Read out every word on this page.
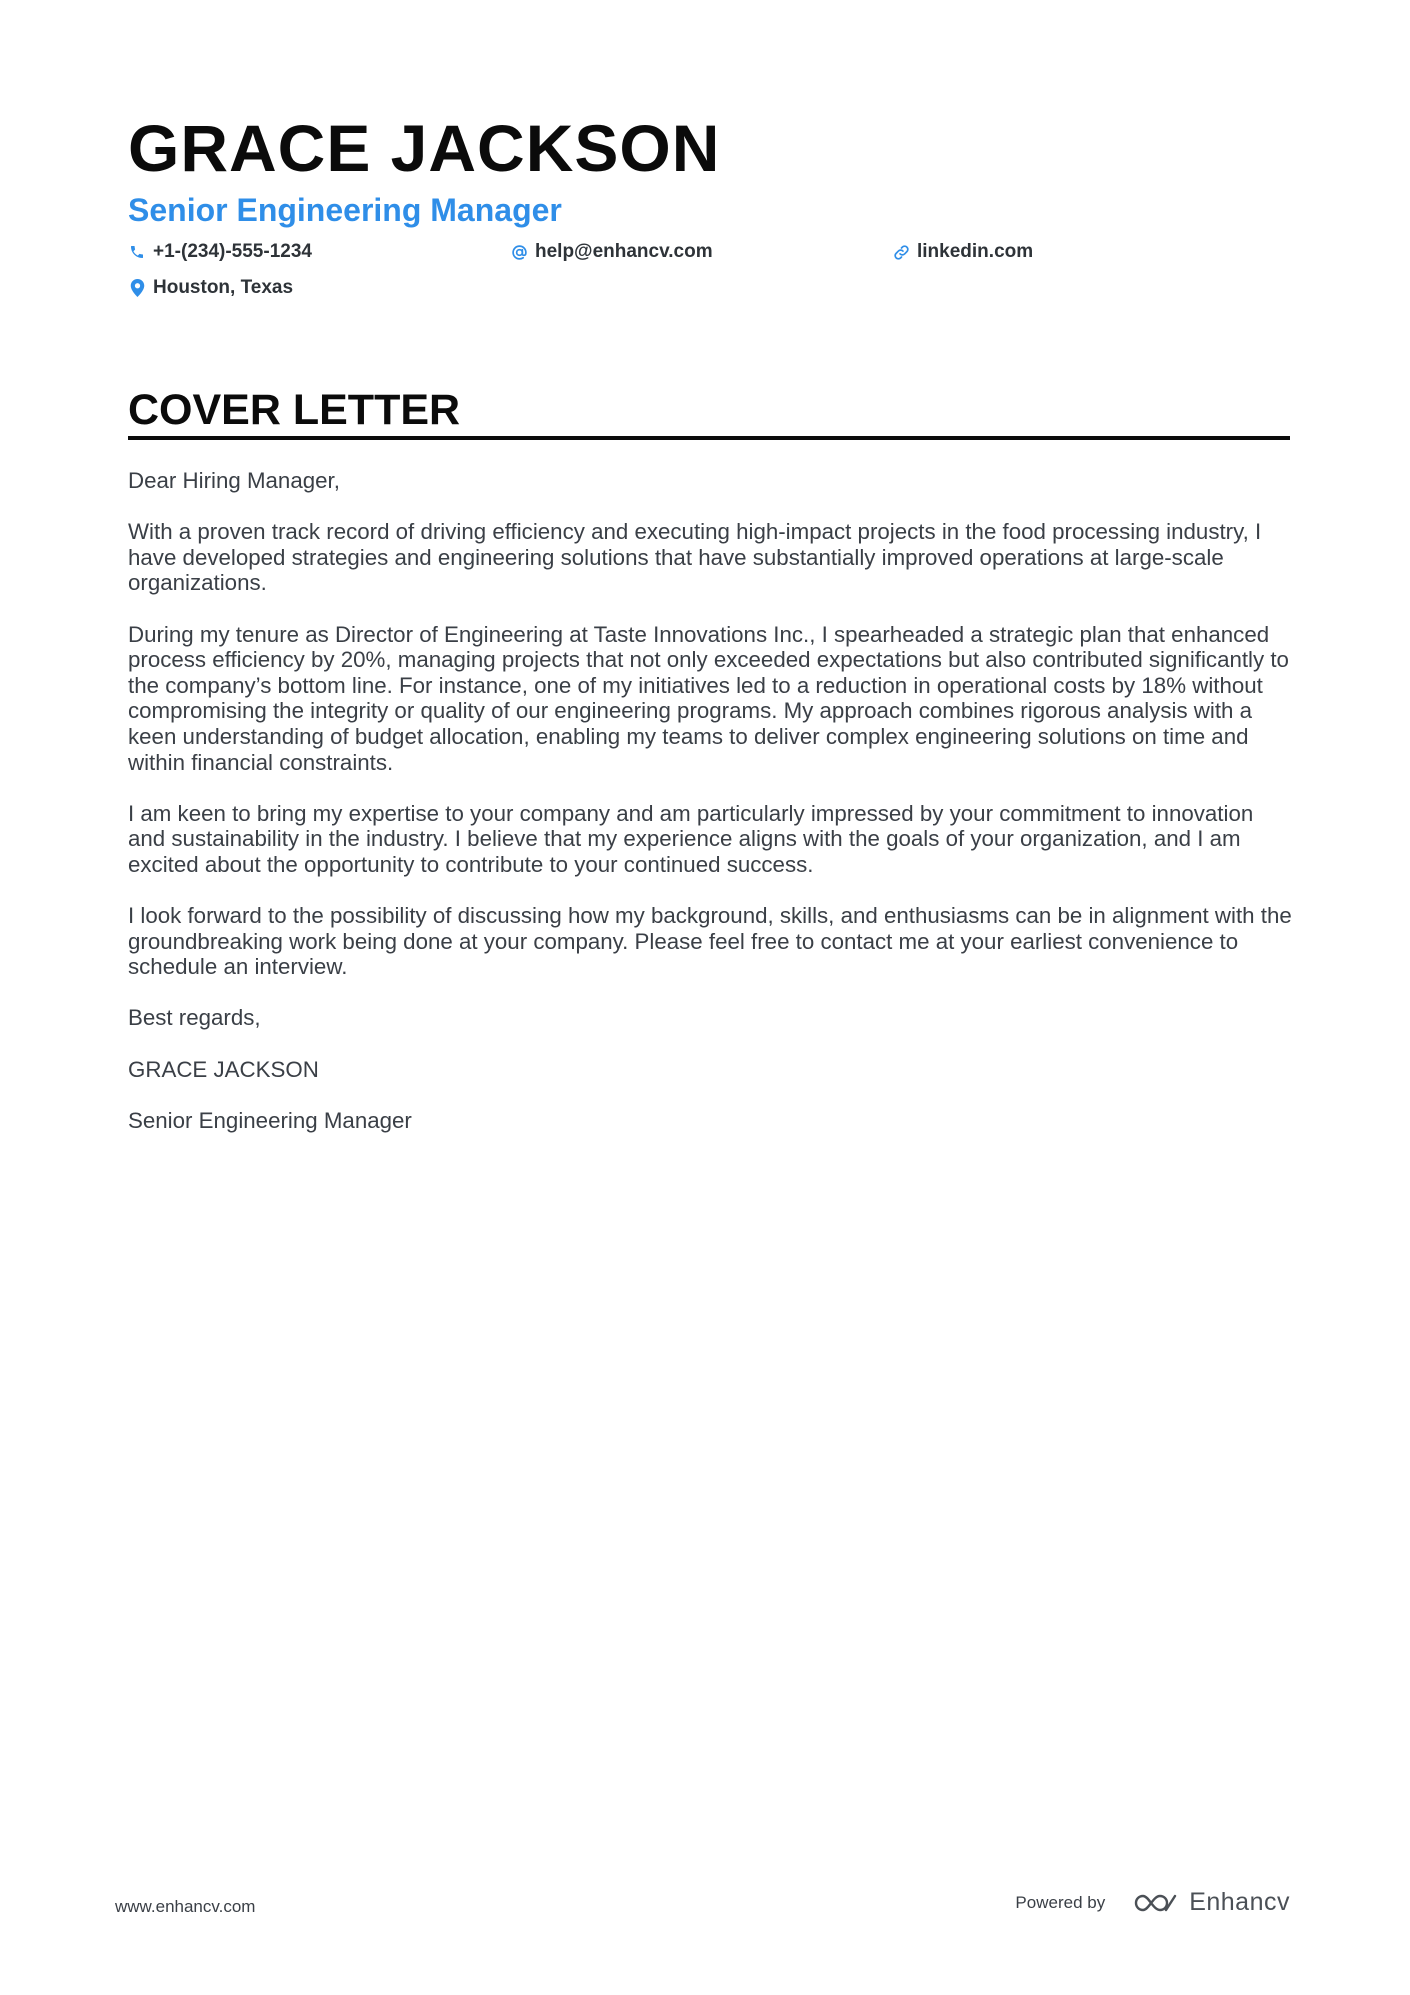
GRACE JACKSON
Senior Engineering Manager
+1-(234)-555-1234	help@enhancv.com	linkedin.com
Houston, Texas
COVER LETTER

Dear Hiring Manager,

With a proven track record of driving efficiency and executing high-impact projects in the food processing industry, I have developed strategies and engineering solutions that have substantially improved operations at large-scale organizations.

During my tenure as Director of Engineering at Taste Innovations Inc., I spearheaded a strategic plan that enhanced process efficiency by 20%, managing projects that not only exceeded expectations but also contributed significantly to the company’s bottom line. For instance, one of my initiatives led to a reduction in operational costs by 18% without compromising the integrity or quality of our engineering programs. My approach combines rigorous analysis with a keen understanding of budget allocation, enabling my teams to deliver complex engineering solutions on time and within financial constraints.

I am keen to bring my expertise to your company and am particularly impressed by your commitment to innovation and sustainability in the industry. I believe that my experience aligns with the goals of your organization, and I am excited about the opportunity to contribute to your continued success.

I look forward to the possibility of discussing how my background, skills, and enthusiasms can be in alignment with the groundbreaking work being done at your company. Please feel free to contact me at your earliest convenience to schedule an interview.

Best regards,

GRACE JACKSON

Senior Engineering Manager

www.enhancv.com	Powered by	Enhancv
